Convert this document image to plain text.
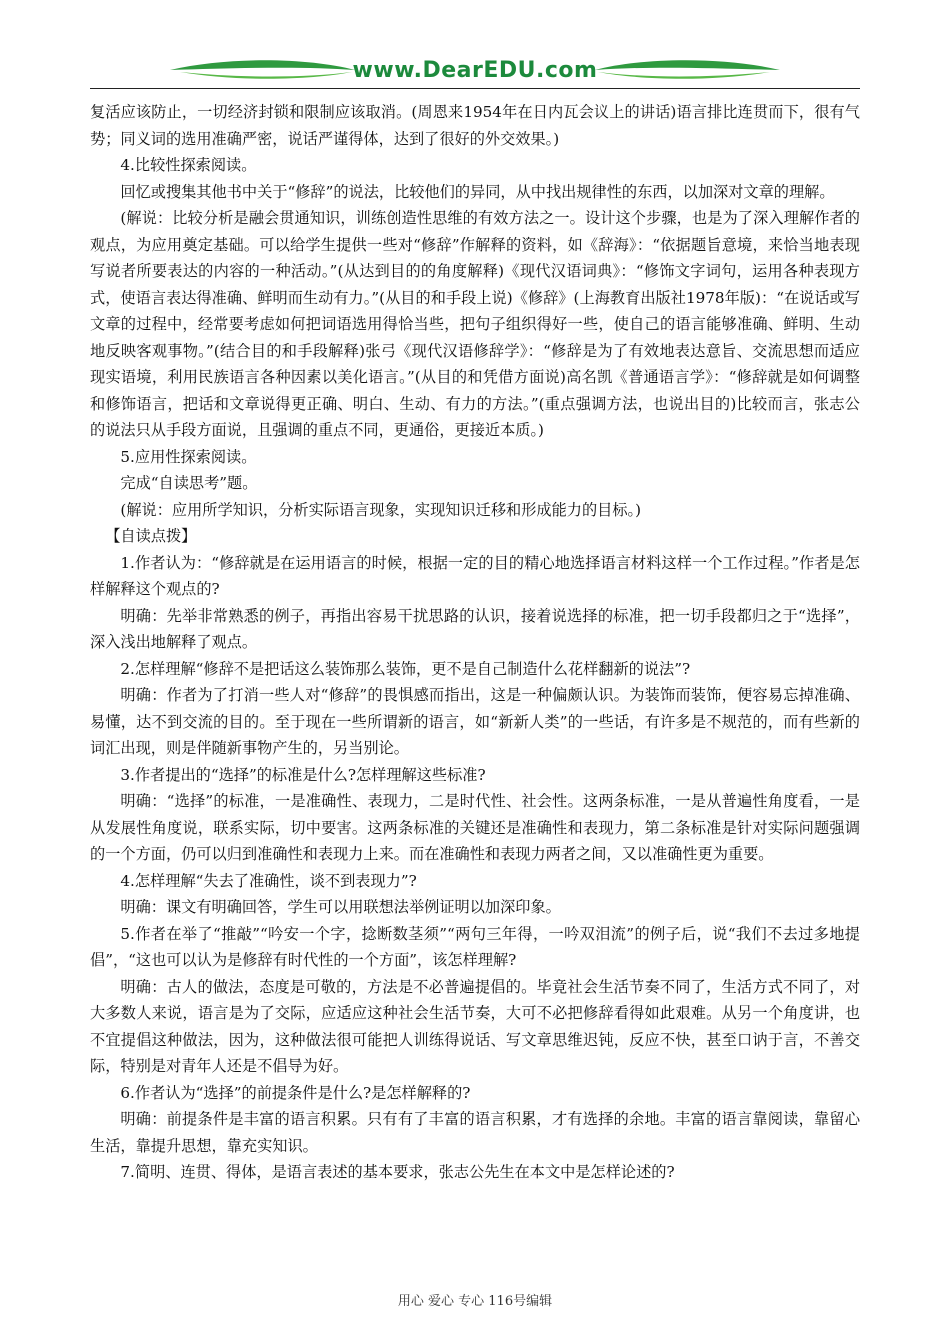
www.DearEDU.com

复活应该防止，一切经济封锁和限制应该取消。(周恩来1954年在日内瓦会议上的讲话)语言排比连贯而下，很有气势；同义词的选用准确严密，说话严谨得体，达到了很好的外交效果。)

4.比较性探索阅读。

回忆或搜集其他书中关于“修辞”的说法，比较他们的异同，从中找出规律性的东西，以加深对文章的理解。

(解说：比较分析是融会贯通知识，训练创造性思维的有效方法之一。设计这个步骤，也是为了深入理解作者的观点，为应用奠定基础。可以给学生提供一些对“修辞”作解释的资料，如《辞海》：“依据题旨意境，来恰当地表现写说者所要表达的内容的一种活动。”(从达到目的的角度解释)《现代汉语词典》：“修饰文字词句，运用各种表现方式，使语言表达得准确、鲜明而生动有力。”(从目的和手段上说)《修辞》(上海教育出版社1978年版)：“在说话或写文章的过程中，经常要考虑如何把词语选用得恰当些，把句子组织得好一些，使自己的语言能够准确、鲜明、生动地反映客观事物。”(结合目的和手段解释)张弓《现代汉语修辞学》：“修辞是为了有效地表达意旨、交流思想而适应现实语境，利用民族语言各种因素以美化语言。”(从目的和凭借方面说)高名凯《普通语言学》：“修辞就是如何调整和修饰语言，把话和文章说得更正确、明白、生动、有力的方法。”(重点强调方法，也说出目的)比较而言，张志公的说法只从手段方面说，且强调的重点不同，更通俗，更接近本质。)

5.应用性探索阅读。

完成“自读思考”题。

(解说：应用所学知识，分析实际语言现象，实现知识迁移和形成能力的目标。)

【自读点拨】

1.作者认为：“修辞就是在运用语言的时候，根据一定的目的精心地选择语言材料这样一个工作过程。”作者是怎样解释这个观点的?

明确：先举非常熟悉的例子，再指出容易干扰思路的认识，接着说选择的标准，把一切手段都归之于“选择”，深入浅出地解释了观点。

2.怎样理解“修辞不是把话这么装饰那么装饰，更不是自己制造什么花样翻新的说法”?

明确：作者为了打消一些人对“修辞”的畏惧感而指出，这是一种偏颇认识。为装饰而装饰，便容易忘掉准确、易懂，达不到交流的目的。至于现在一些所谓新的语言，如“新新人类”的一些话，有许多是不规范的，而有些新的词汇出现，则是伴随新事物产生的，另当别论。

3.作者提出的“选择”的标准是什么?怎样理解这些标准?

明确：“选择”的标准，一是准确性、表现力，二是时代性、社会性。这两条标准，一是从普遍性角度看，一是从发展性角度说，联系实际，切中要害。这两条标准的关键还是准确性和表现力，第二条标准是针对实际问题强调的一个方面，仍可以归到准确性和表现力上来。而在准确性和表现力两者之间，又以准确性更为重要。

4.怎样理解“失去了准确性，谈不到表现力”?

明确：课文有明确回答，学生可以用联想法举例证明以加深印象。

5.作者在举了“推敲”“吟安一个字，捻断数茎须”“两句三年得，一吟双泪流”的例子后，说“我们不去过多地提倡”，“这也可以认为是修辞有时代性的一个方面”，该怎样理解?

明确：古人的做法，态度是可敬的，方法是不必普遍提倡的。毕竟社会生活节奏不同了，生活方式不同了，对大多数人来说，语言是为了交际，应适应这种社会生活节奏，大可不必把修辞看得如此艰难。从另一个角度讲，也不宜提倡这种做法，因为，这种做法很可能把人训练得说话、写文章思维迟钝，反应不快，甚至口讷于言，不善交际，特别是对青年人还是不倡导为好。

6.作者认为“选择”的前提条件是什么?是怎样解释的?

明确：前提条件是丰富的语言积累。只有有了丰富的语言积累，才有选择的余地。丰富的语言靠阅读，靠留心生活，靠提升思想，靠充实知识。

7.简明、连贯、得体，是语言表述的基本要求，张志公先生在本文中是怎样论述的?

用心 爱心 专心 116号编辑
